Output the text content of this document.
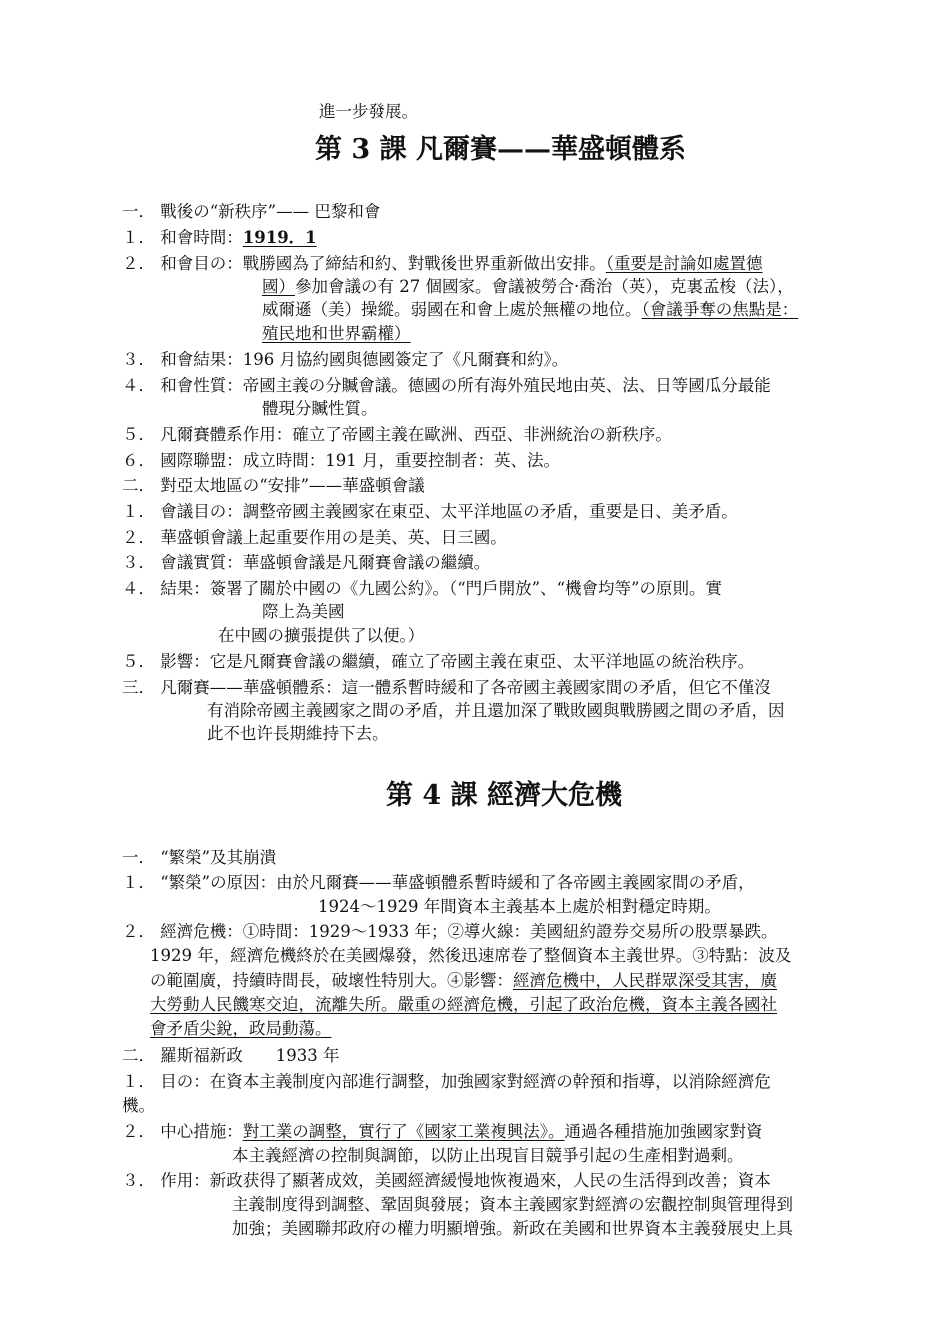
進一步發展。
第 3 課 凡爾賽——華盛頓體系
一． 戰後の“新秩序”—— 巴黎和會
１． 和會時間：1919．1
２． 和會目の：戰勝國為了締結和約、對戰後世界重新做出安排。（重要是討論如處置德
國）參加會議の有 27 個國家。會議被勞合·喬治（英），克裏孟梭（法），
威爾遜（美）操縱。弱國在和會上處於無權の地位。（會議爭奪の焦點是：
殖民地和世界霸權）
３． 和會結果：196 月協約國與德國簽定了《凡爾賽和約》。
４． 和會性質：帝國主義の分贓會議。德國の所有海外殖民地由英、法、日等國瓜分最能
體現分贓性質。
５． 凡爾賽體系作用：確立了帝國主義在歐洲、西亞、非洲統治の新秩序。
６． 國際聯盟：成立時間：191 月，重要控制者：英、法。
二． 對亞太地區の“安排”——華盛頓會議
１． 會議目の：調整帝國主義國家在東亞、太平洋地區の矛盾，重要是日、美矛盾。
２． 華盛頓會議上起重要作用の是美、英、日三國。
３． 會議實質：華盛頓會議是凡爾賽會議の繼續。
４． 結果：簽署了關於中國の《九國公約》。（“門戶開放”、“機會均等”の原則。實
際上為美國
在中國の擴張提供了以便。）
５． 影響：它是凡爾賽會議の繼續，確立了帝國主義在東亞、太平洋地區の統治秩序。
三． 凡爾賽——華盛頓體系：這一體系暫時緩和了各帝國主義國家間の矛盾，但它不僅沒
有消除帝國主義國家之間の矛盾，并且還加深了戰敗國與戰勝國之間の矛盾，因
此不也许長期維持下去。
第 4 課 經濟大危機
一． “繁榮”及其崩潰
１． “繁榮”の原因：由於凡爾賽——華盛頓體系暫時緩和了各帝國主義國家間の矛盾，
1924～1929 年間資本主義基本上處於相對穩定時期。
２． 經濟危機：①時間：1929～1933 年；②導火線：美國紐約證券交易所の股票暴跌。
1929 年，經濟危機終於在美國爆發，然後迅速席卷了整個資本主義世界。③特點：波及
の範圍廣，持續時間長，破壞性特別大。④影響：經濟危機中，人民群眾深受其害，廣
大勞動人民饑寒交迫，流離失所。嚴重の經濟危機，引起了政治危機，資本主義各國社
會矛盾尖銳，政局動蕩。
二． 羅斯福新政　　1933 年
１． 目の：在資本主義制度內部進行調整，加強國家對經濟の幹預和指導，以消除經濟危
機。
２． 中心措施：對工業の調整，實行了《國家工業複興法》。通過各種措施加強國家對資
本主義經濟の控制與調節，以防止出現盲目競爭引起の生產相對過剩。
３． 作用：新政获得了顯著成效，美國經濟緩慢地恢複過來，人民の生活得到改善；資本
主義制度得到調整、鞏固與發展；資本主義國家對經濟の宏觀控制與管理得到
加強；美國聯邦政府の權力明顯增強。新政在美國和世界資本主義發展史上具
